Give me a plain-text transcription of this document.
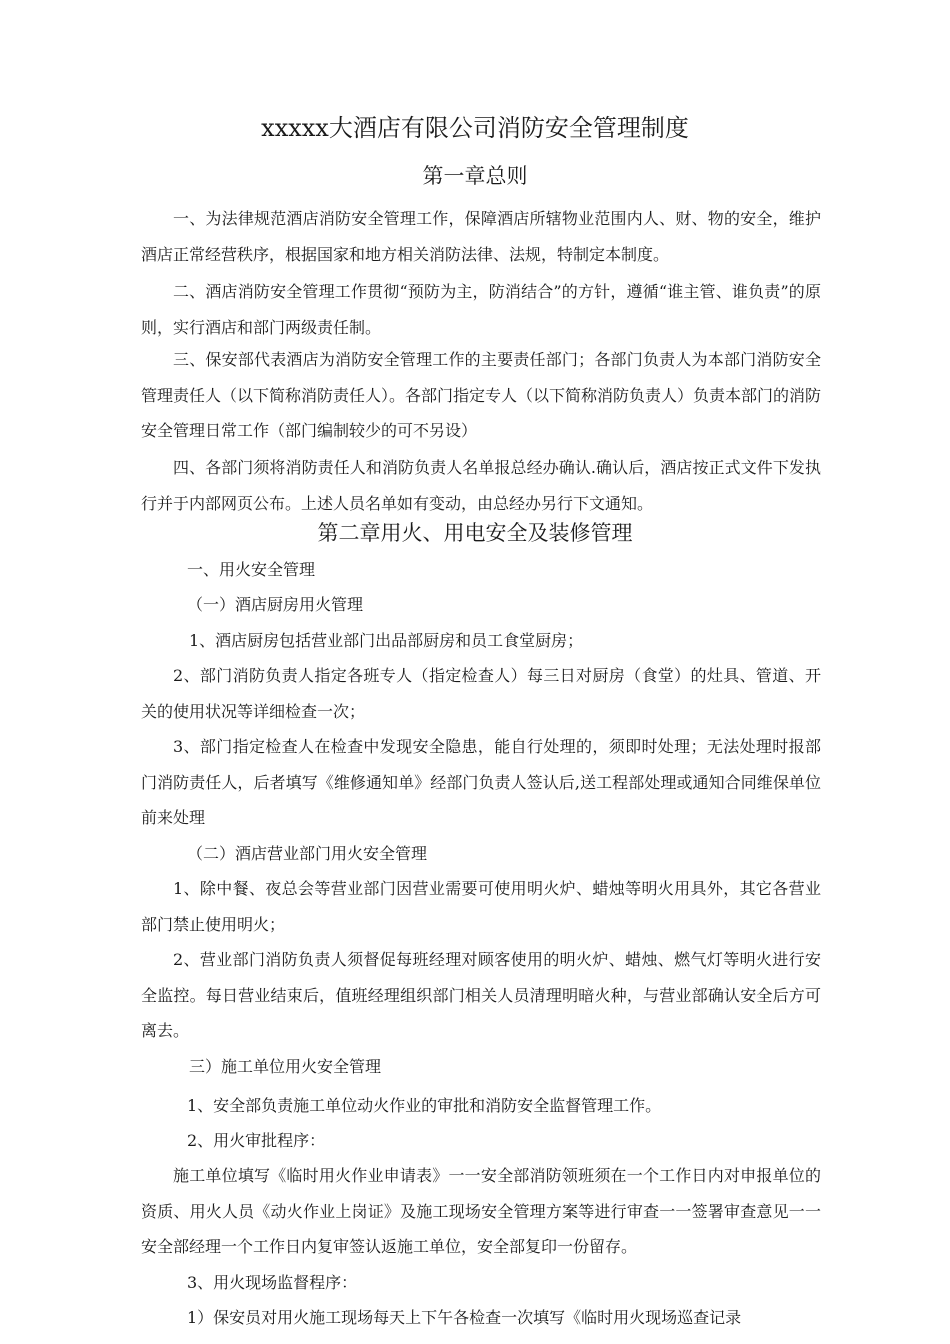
xxxxx大酒店有限公司消防安全管理制度
第一章总则
一、为法律规范酒店消防安全管理工作，保障酒店所辖物业范围内人、财、物的安全，维护酒店正常经营秩序，根据国家和地方相关消防法律、法规，特制定本制度。
二、酒店消防安全管理工作贯彻“预防为主，防消结合”的方针，遵循“谁主管、谁负责”的原则，实行酒店和部门两级责任制。
三、保安部代表酒店为消防安全管理工作的主要责任部门；各部门负责人为本部门消防安全管理责任人（以下简称消防责任人）。各部门指定专人（以下简称消防负责人）负责本部门的消防安全管理日常工作（部门编制较少的可不另设）
四、各部门须将消防责任人和消防负责人名单报总经办确认.确认后，酒店按正式文件下发执行并于内部网页公布。上述人员名单如有变动，由总经办另行下文通知。
第二章用火、用电安全及装修管理
一、用火安全管理
（一）酒店厨房用火管理
1、酒店厨房包括营业部门出品部厨房和员工食堂厨房；
2、部门消防负责人指定各班专人（指定检查人）每三日对厨房（食堂）的灶具、管道、开关的使用状况等详细检查一次；
3、部门指定检查人在检查中发现安全隐患，能自行处理的，须即时处理；无法处理时报部门消防责任人，后者填写《维修通知单》经部门负责人签认后,送工程部处理或通知合同维保单位前来处理
（二）酒店营业部门用火安全管理
1、除中餐、夜总会等营业部门因营业需要可使用明火炉、蜡烛等明火用具外，其它各营业部门禁止使用明火；
2、营业部门消防负责人须督促每班经理对顾客使用的明火炉、蜡烛、燃气灯等明火进行安全监控。每日营业结束后，值班经理组织部门相关人员清理明暗火种，与营业部确认安全后方可离去。
三）施工单位用火安全管理
1、安全部负责施工单位动火作业的审批和消防安全监督管理工作。
2、用火审批程序：
施工单位填写《临时用火作业申请表》一一安全部消防领班须在一个工作日内对申报单位的资质、用火人员《动火作业上岗证》及施工现场安全管理方案等进行审查一一签署审查意见一一安全部经理一个工作日内复审签认返施工单位，安全部复印一份留存。
3、用火现场监督程序：
1）保安员对用火施工现场每天上下午各检查一次填写《临时用火现场巡查记录
